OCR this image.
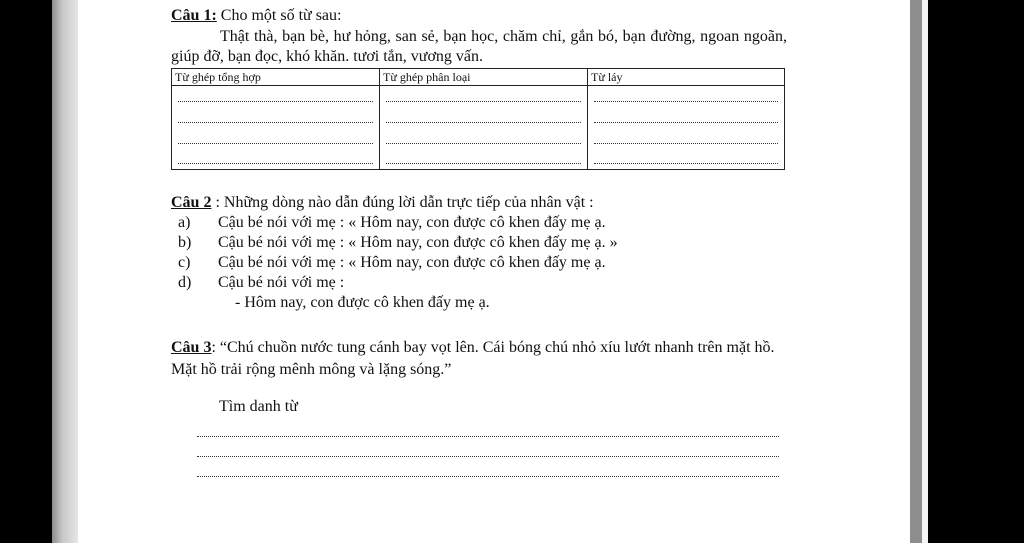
Câu 1: Cho một số từ sau:
Thật thà, bạn bè, hư hỏng, san sẻ, bạn học, chăm chỉ, gắn bó, bạn đường, ngoan ngoãn, giúp đỡ, bạn đọc, khó khăn. tươi tắn, vương vấn.
Từ ghép tổng hợp	Từ ghép phân loại	Từ láy

Câu 2 : Những dòng nào dẫn đúng lời dẫn trực tiếp của nhân vật :
a)	Cậu bé nói với mẹ : « Hôm nay, con được cô khen đấy mẹ ạ.
b)	Cậu bé nói với mẹ : « Hôm nay, con được cô khen đấy mẹ ạ. »
c)	Cậu bé nói với mẹ : « Hôm nay, con được cô khen đấy mẹ ạ.
d)	Cậu bé nói với mẹ :
- Hôm nay, con được cô khen đấy mẹ ạ.
Câu 3: “Chú chuồn nước tung cánh bay vọt lên. Cái bóng chú nhỏ xíu lướt nhanh trên mặt hồ. Mặt hồ trải rộng mênh mông và lặng sóng.”
Tìm danh từ
